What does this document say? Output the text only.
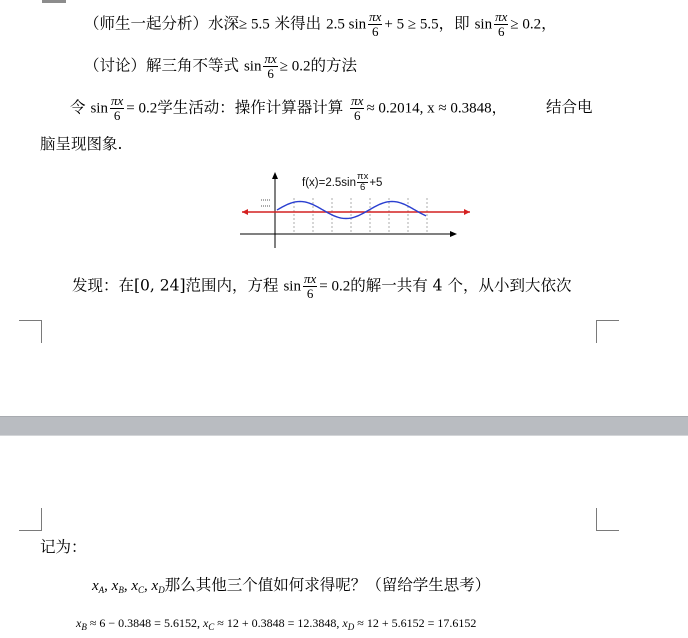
（师生一起分析）水深≥ 5.5 米得出 2.5 $\sin \frac{\pi x}{6} + 5 \ge 5.5$，即 $\sin \frac{\pi x}{6} \ge 0.2$，
（讨论）解三角不等式 $\sin \frac{\pi x}{6} \ge 0.2$的方法
令 $\sin \frac{\pi x}{6} = 0.2$学生活动：操作计算器计算 $\frac{\pi x}{6} \approx 0.2014$, x ≈ 0.3848，	结合电
脑呈现图象.
f(x)=2.5sin πx
6 +5
发现：在[0, 24]范围内，方程 $\sin \frac{\pi x}{6} = 0.2$的解一共有 4 个，从小到大依次
记为：
$x_A$, $x_B$, $x_C$, $x_D$那么其他三个值如何求得呢？（留给学生思考）
$x_B \approx 6 - 0.3848 = 5.6152$, $x_C \approx 12 + 0.3848 = 12.3848$, $x_D \approx 12 + 5.6152 = 17.6152$
